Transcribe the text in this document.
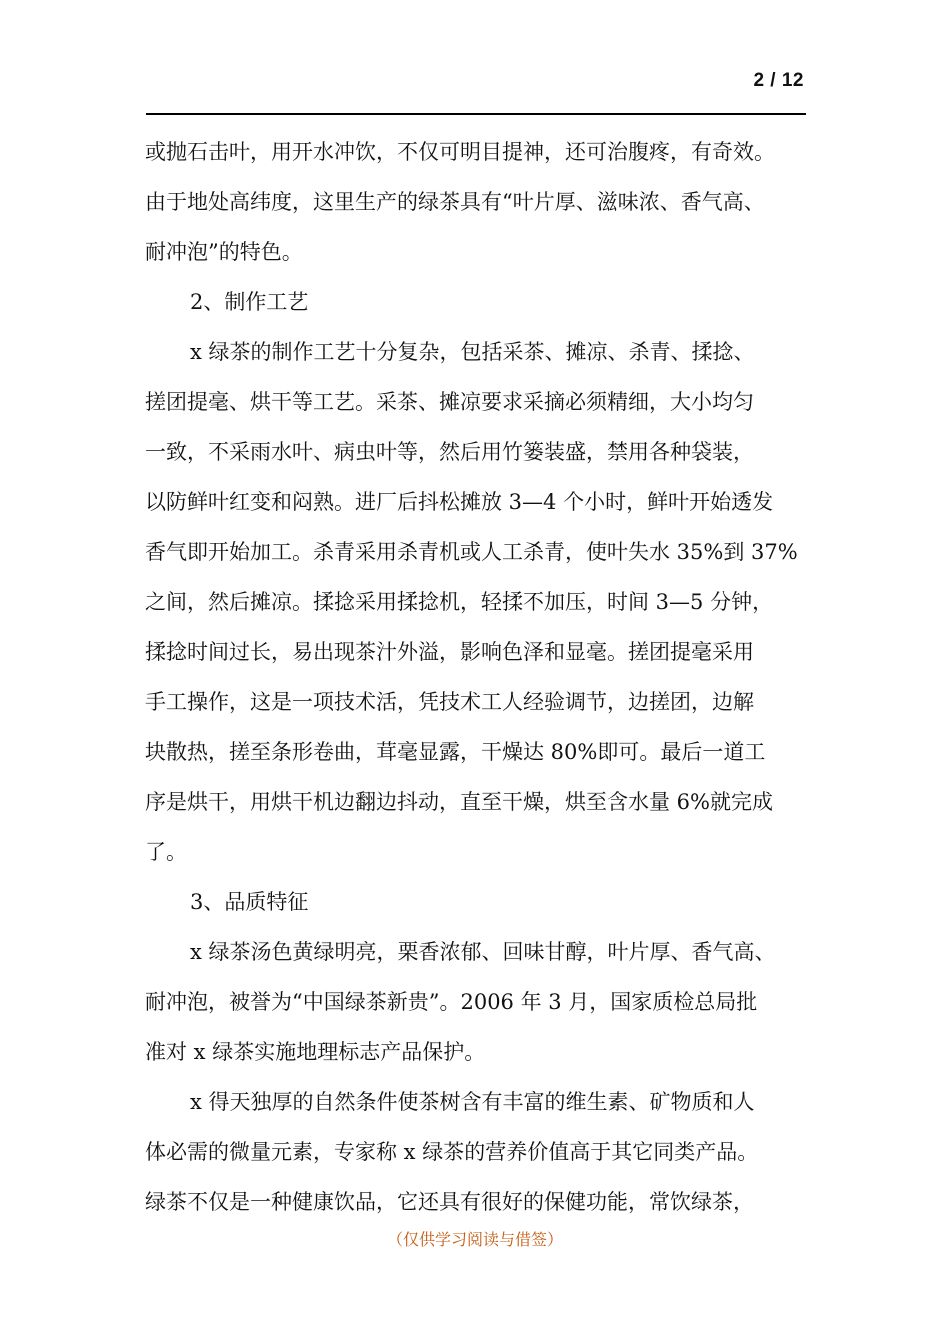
2 / 12
或抛石击叶，用开水冲饮，不仅可明目提神，还可治腹疼，有奇效。
由于地处高纬度，这里生产的绿茶具有“叶片厚、滋味浓、香气高、
耐冲泡”的特色。
2、制作工艺
x 绿茶的制作工艺十分复杂，包括采茶、摊凉、杀青、揉捻、
搓团提毫、烘干等工艺。采茶、摊凉要求采摘必须精细，大小均匀
一致，不采雨水叶、病虫叶等，然后用竹篓装盛，禁用各种袋装，
以防鲜叶红变和闷熟。进厂后抖松摊放 3—4 个小时，鲜叶开始透发
香气即开始加工。杀青采用杀青机或人工杀青，使叶失水 35%到 37%
之间，然后摊凉。揉捻采用揉捻机，轻揉不加压，时间 3—5 分钟，
揉捻时间过长，易出现茶汁外溢，影响色泽和显毫。搓团提毫采用
手工操作，这是一项技术活，凭技术工人经验调节，边搓团，边解
块散热，搓至条形卷曲，茸毫显露，干燥达 80%即可。最后一道工
序是烘干，用烘干机边翻边抖动，直至干燥，烘至含水量 6%就完成
了。
3、品质特征
x 绿茶汤色黄绿明亮，栗香浓郁、回味甘醇，叶片厚、香气高、
耐冲泡，被誉为“中国绿茶新贵”。2006 年 3 月，国家质检总局批
准对 x 绿茶实施地理标志产品保护。
x 得天独厚的自然条件使茶树含有丰富的维生素、矿物质和人
体必需的微量元素，专家称 x 绿茶的营养价值高于其它同类产品。
绿茶不仅是一种健康饮品，它还具有很好的保健功能，常饮绿茶，
（仅供学习阅读与借签）
